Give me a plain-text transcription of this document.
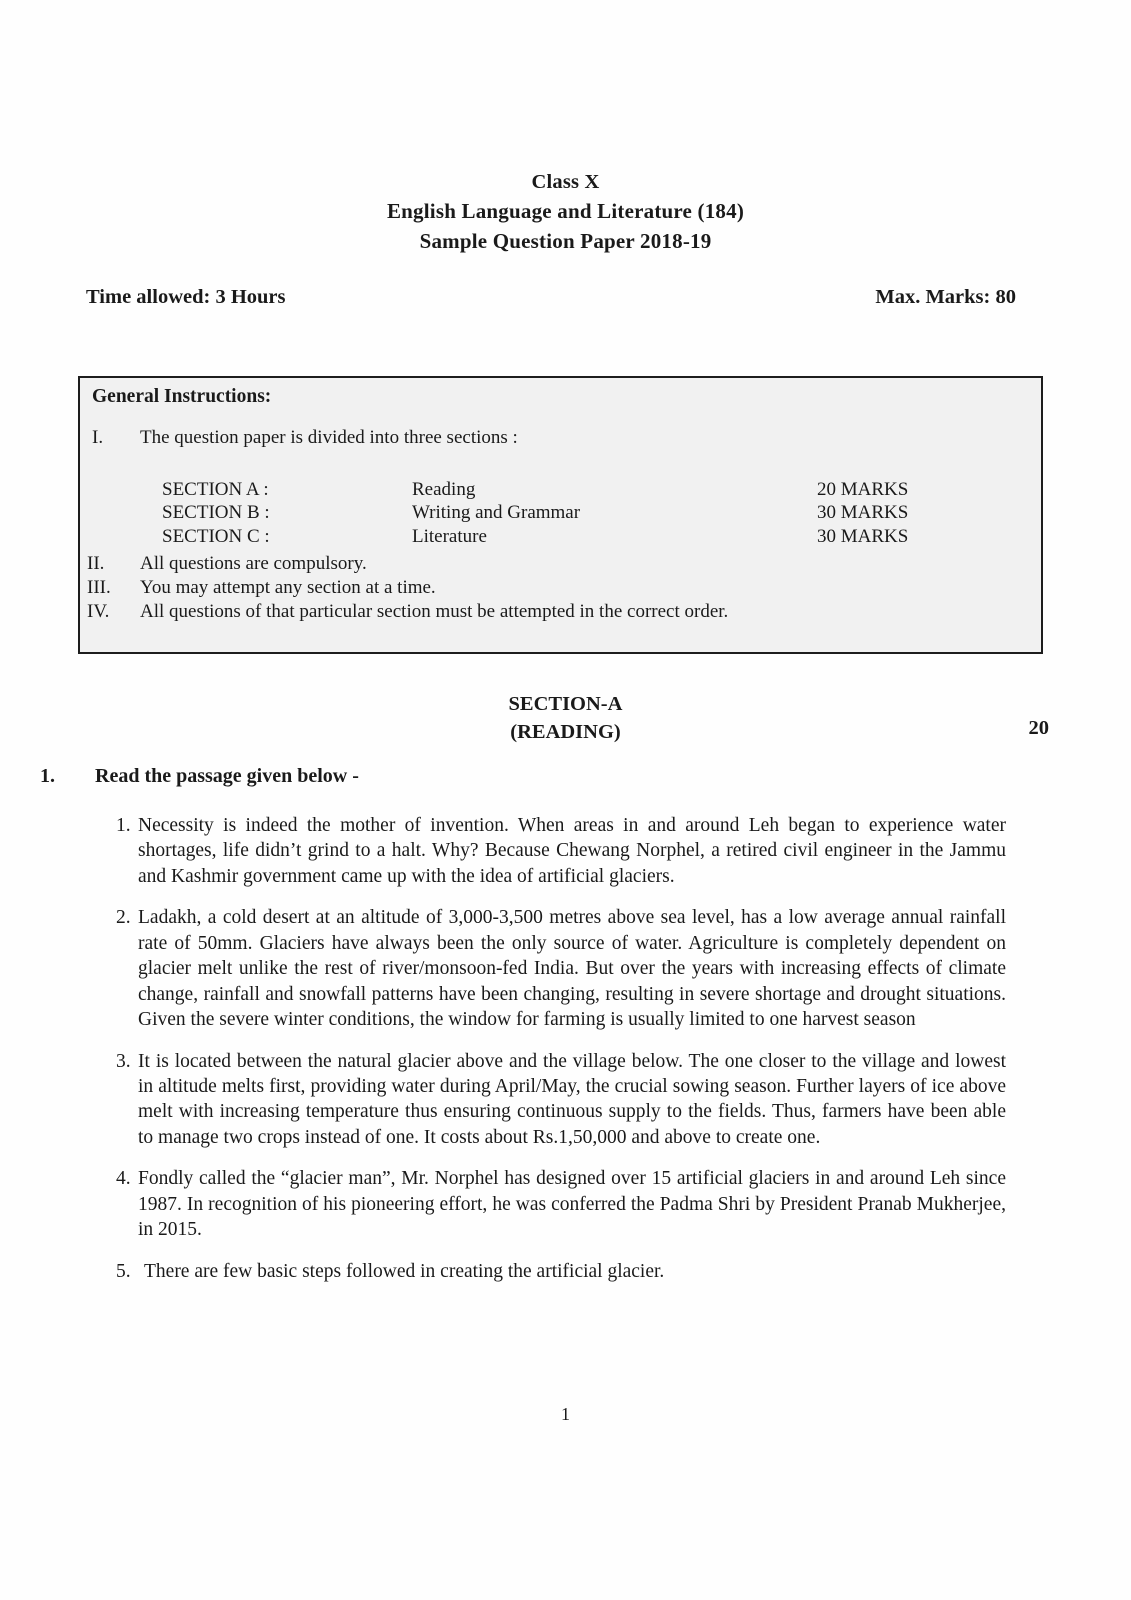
Class X
English Language and Literature (184)
Sample Question Paper 2018-19
Time allowed: 3 Hours	Max. Marks: 80
General Instructions:
I.	The question paper is divided into three sections :
SECTION A :	Reading	20 MARKS
SECTION B :	Writing and Grammar	30 MARKS
SECTION C :	Literature	30 MARKS
II.	All questions are compulsory.
III.	You may attempt any section at a time.
IV.	All questions of that particular section must be attempted in the correct order.
SECTION-A
(READING)	20
1.	Read the passage given below -
1. Necessity is indeed the mother of invention. When areas in and around Leh began to experience water shortages, life didn’t grind to a halt. Why? Because Chewang Norphel, a retired civil engineer in the Jammu and Kashmir government came up with the idea of artificial glaciers.
2. Ladakh, a cold desert at an altitude of 3,000-3,500 metres above sea level, has a low average annual rainfall rate of 50mm. Glaciers have always been the only source of water. Agriculture is completely dependent on glacier melt unlike the rest of river/monsoon-fed India. But over the years with increasing effects of climate change, rainfall and snowfall patterns have been changing, resulting in severe shortage and drought situations. Given the severe winter conditions, the window for farming is usually limited to one harvest season
3. It is located between the natural glacier above and the village below. The one closer to the village and lowest in altitude melts first, providing water during April/May, the crucial sowing season. Further layers of ice above melt with increasing temperature thus ensuring continuous supply to the fields. Thus, farmers have been able to manage two crops instead of one. It costs about Rs.1,50,000 and above to create one.
4. Fondly called the “glacier man”, Mr. Norphel has designed over 15 artificial glaciers in and around Leh since 1987. In recognition of his pioneering effort, he was conferred the Padma Shri by President Pranab Mukherjee, in 2015.
5. There are few basic steps followed in creating the artificial glacier.
1
